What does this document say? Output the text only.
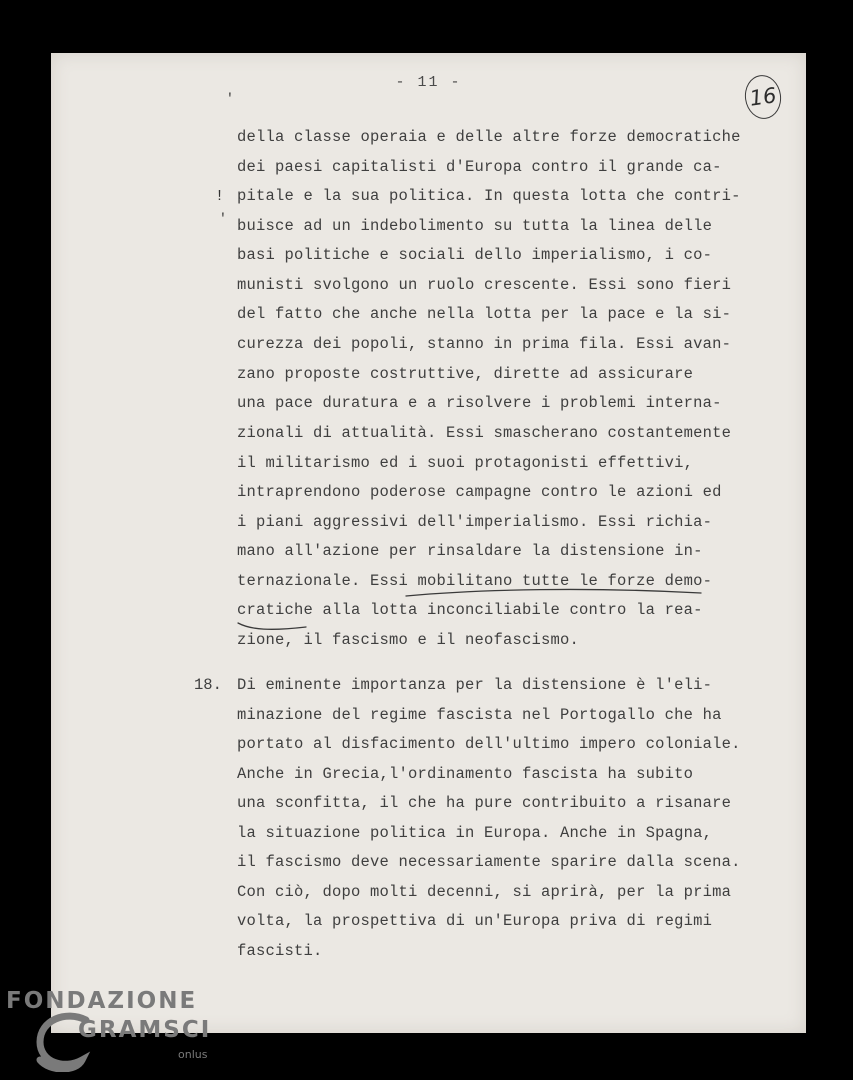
- 11 -
16
'
!
'
della classe operaia e delle altre forze democratiche
dei paesi capitalisti d'Europa contro il grande ca-
pitale e la sua politica. In questa lotta che contri-
buisce ad un indebolimento su tutta la linea delle
basi politiche e sociali dello imperialismo, i co-
munisti svolgono un ruolo crescente. Essi sono fieri
del fatto che anche nella lotta per la pace e la si-
curezza dei popoli, stanno in prima fila. Essi avan-
zano proposte costruttive, dirette ad assicurare
una pace duratura e a risolvere i problemi interna-
zionali di attualità. Essi smascherano costantemente
il militarismo ed i suoi protagonisti effettivi,
intraprendono poderose campagne contro le azioni ed
i piani aggressivi dell'imperialismo. Essi richia-
mano all'azione per rinsaldare la distensione in-
ternazionale. Essi mobilitano tutte le forze demo-
cratiche alla lotta inconciliabile contro la rea-
zione, il fascismo e il neofascismo.
Di eminente importanza per la distensione è l'eli-
minazione del regime fascista nel Portogallo che ha
portato al disfacimento dell'ultimo impero coloniale.
Anche in Grecia,l'ordinamento fascista ha subito
una sconfitta, il che ha pure contribuito a risanare
la situazione politica in Europa. Anche in Spagna,
il fascismo deve necessariamente sparire dalla scena.
Con ciò, dopo molti decenni, si aprirà, per la prima
volta, la prospettiva di un'Europa priva di regimi
fascisti.
18.
FONDAZIONE
GRAMSCI
onlus
